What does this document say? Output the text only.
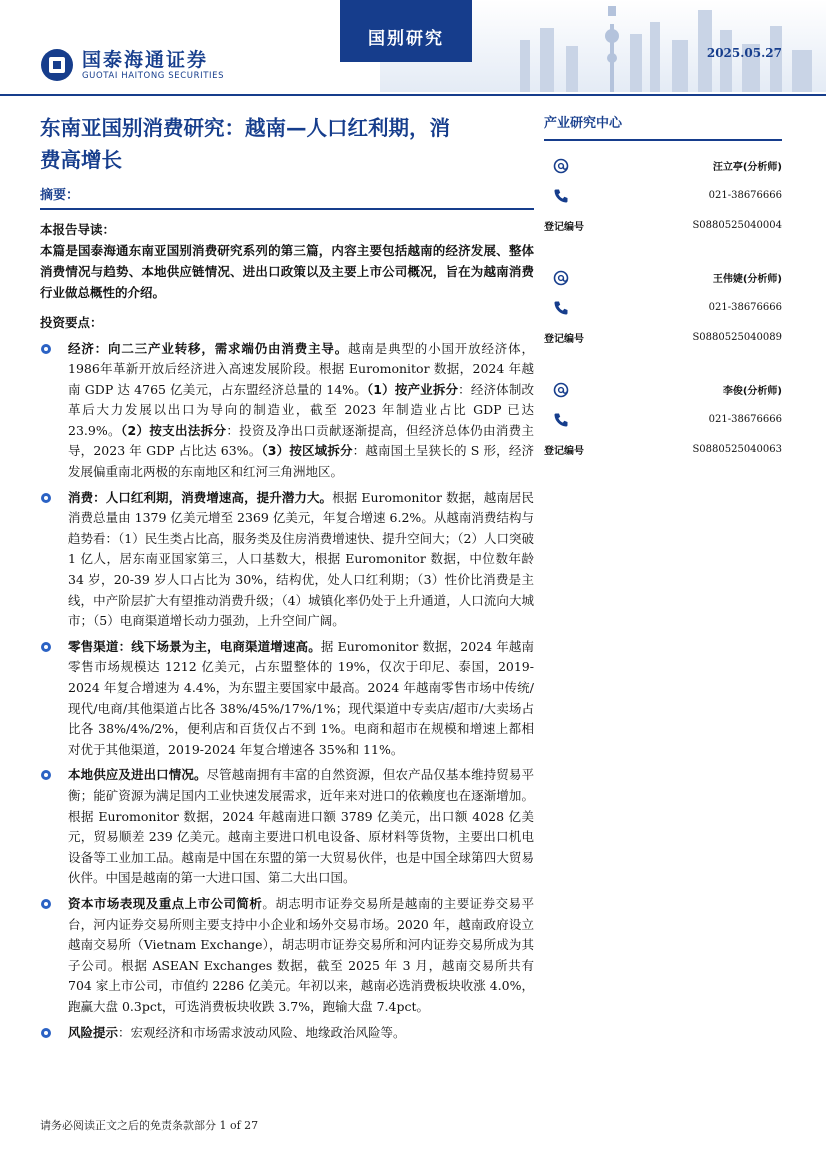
国泰海通证券
GUOTAI HAITONG SECURITIES
国别研究
2025.05.27
东南亚国别消费研究：越南—人口红利期，消
费高增长
摘要：
本报告导读：
本篇是国泰海通东南亚国别消费研究系列的第三篇，内容主要包括越南的经济发展、整体消费情况与趋势、本地供应链情况、进出口政策以及主要上市公司概况，旨在为越南消费行业做总概性的介绍。
投资要点：
经济：向二三产业转移，需求端仍由消费主导。越南是典型的小国开放经济体，1986年革新开放后经济进入高速发展阶段。根据 Euromonitor 数据，2024 年越南 GDP 达 4765 亿美元，占东盟经济总量的 14%。（1）按产业拆分：经济体制改革后大力发展以出口为导向的制造业，截至 2023 年制造业占比 GDP 已达 23.9%。（2）按支出法拆分：投资及净出口贡献逐渐提高，但经济总体仍由消费主导，2023 年 GDP 占比达 63%。（3）按区域拆分：越南国土呈狭长的 S 形，经济发展偏重南北两极的东南地区和红河三角洲地区。
消费：人口红利期，消费增速高，提升潜力大。根据 Euromonitor 数据，越南居民消费总量由 1379 亿美元增至 2369 亿美元，年复合增速 6.2%。从越南消费结构与趋势看：（1）民生类占比高，服务类及住房消费增速快、提升空间大；（2）人口突破 1 亿人，居东南亚国家第三，人口基数大，根据 Euromonitor 数据，中位数年龄 34 岁，20-39 岁人口占比为 30%，结构优，处人口红利期；（3）性价比消费是主线，中产阶层扩大有望推动消费升级；（4）城镇化率仍处于上升通道，人口流向大城市；（5）电商渠道增长动力强劲，上升空间广阔。
零售渠道：线下场景为主，电商渠道增速高。据 Euromonitor 数据，2024 年越南零售市场规模达 1212 亿美元，占东盟整体的 19%，仅次于印尼、泰国，2019-2024 年复合增速为 4.4%，为东盟主要国家中最高。2024 年越南零售市场中传统/现代/电商/其他渠道占比各 38%/45%/17%/1%；现代渠道中专卖店/超市/大卖场占比各 38%/4%/2%，便利店和百货仅占不到 1%。电商和超市在规模和增速上都相对优于其他渠道，2019-2024 年复合增速各 35%和 11%。
本地供应及进出口情况。尽管越南拥有丰富的自然资源，但农产品仅基本维持贸易平衡；能矿资源为满足国内工业快速发展需求，近年来对进口的依赖度也在逐渐增加。根据 Euromonitor 数据，2024 年越南进口额 3789 亿美元，出口额 4028 亿美元，贸易顺差 239 亿美元。越南主要进口机电设备、原材料等货物，主要出口机电设备等工业加工品。越南是中国在东盟的第一大贸易伙伴，也是中国全球第四大贸易伙伴。中国是越南的第一大进口国、第二大出口国。
资本市场表现及重点上市公司简析。胡志明市证券交易所是越南的主要证券交易平台，河内证券交易所则主要支持中小企业和场外交易市场。2020 年，越南政府设立越南交易所（Vietnam Exchange），胡志明市证券交易所和河内证券交易所成为其子公司。根据 ASEAN Exchanges 数据，截至 2025 年 3 月，越南交易所共有 704 家上市公司，市值约 2286 亿美元。年初以来，越南必选消费板块收涨 4.0%，跑赢大盘 0.3pct，可选消费板块收跌 3.7%，跑输大盘 7.4pct。
风险提示：宏观经济和市场需求波动风险、地缘政治风险等。
产业研究中心
汪立亭(分析师)
021-38676666
登记编号	S0880525040004
王伟婕(分析师)
021-38676666
登记编号	S0880525040089
李俊(分析师)
021-38676666
登记编号	S0880525040063
请务必阅读正文之后的免责条款部分 1 of 27
